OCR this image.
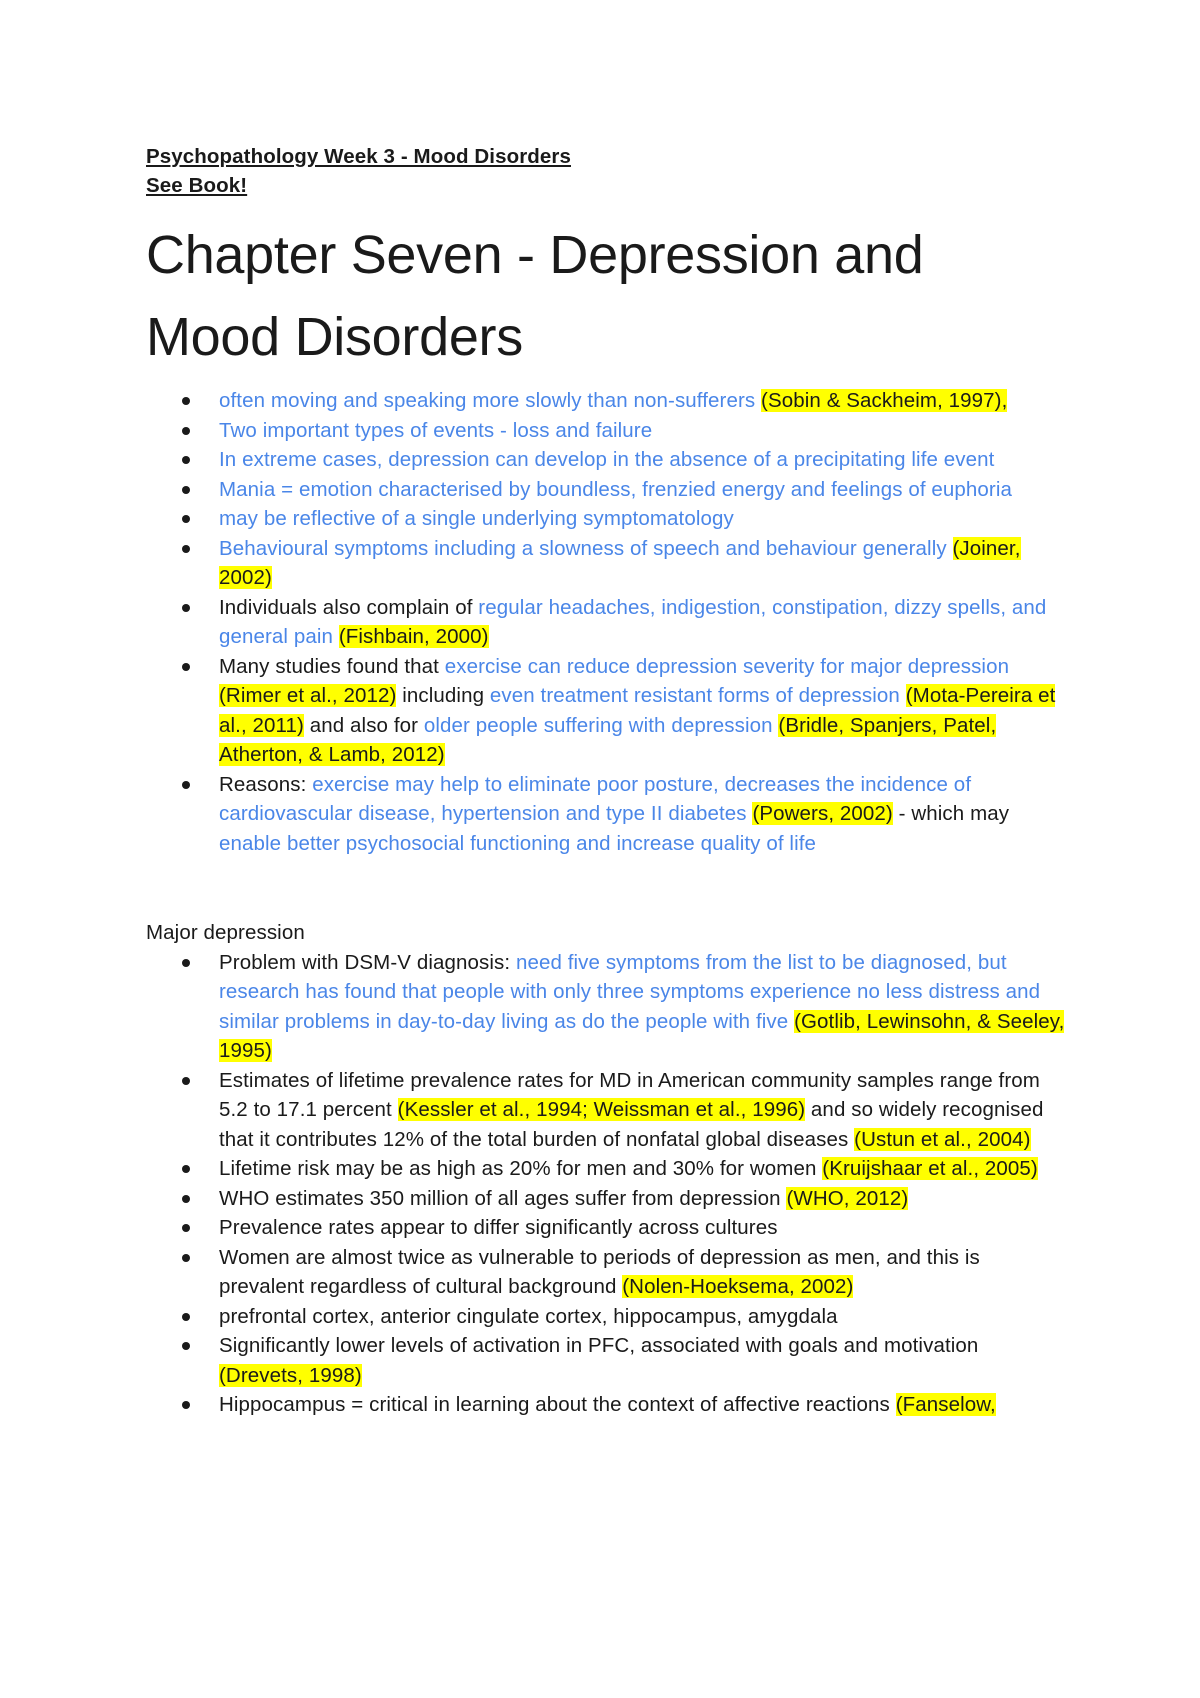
Psychopathology Week 3 - Mood Disorders
See Book!
Chapter Seven - Depression and Mood Disorders
often moving and speaking more slowly than non-sufferers (Sobin & Sackheim, 1997),
Two important types of events - loss and failure
In extreme cases, depression can develop in the absence of a precipitating life event
Mania = emotion characterised by boundless, frenzied energy and feelings of euphoria
may be reflective of a single underlying symptomatology
Behavioural symptoms including a slowness of speech and behaviour generally (Joiner, 2002)
Individuals also complain of regular headaches, indigestion, constipation, dizzy spells, and general pain (Fishbain, 2000)
Many studies found that exercise can reduce depression severity for major depression (Rimer et al., 2012) including even treatment resistant forms of depression (Mota-Pereira et al., 2011) and also for older people suffering with depression (Bridle, Spanjers, Patel, Atherton, & Lamb, 2012)
Reasons: exercise may help to eliminate poor posture, decreases the incidence of cardiovascular disease, hypertension and type II diabetes (Powers, 2002) - which may enable better psychosocial functioning and increase quality of life
Major depression
Problem with DSM-V diagnosis: need five symptoms from the list to be diagnosed, but research has found that people with only three symptoms experience no less distress and similar problems in day-to-day living as do the people with five (Gotlib, Lewinsohn, & Seeley, 1995)
Estimates of lifetime prevalence rates for MD in American community samples range from 5.2 to 17.1 percent (Kessler et al., 1994; Weissman et al., 1996) and so widely recognised that it contributes 12% of the total burden of nonfatal global diseases (Ustun et al., 2004)
Lifetime risk may be as high as 20% for men and 30% for women (Kruijshaar et al., 2005)
WHO estimates 350 million of all ages suffer from depression (WHO, 2012)
Prevalence rates appear to differ significantly across cultures
Women are almost twice as vulnerable to periods of depression as men, and this is prevalent regardless of cultural background (Nolen-Hoeksema, 2002)
prefrontal cortex, anterior cingulate cortex, hippocampus, amygdala
Significantly lower levels of activation in PFC, associated with goals and motivation (Drevets, 1998)
Hippocampus = critical in learning about the context of affective reactions (Fanselow,
